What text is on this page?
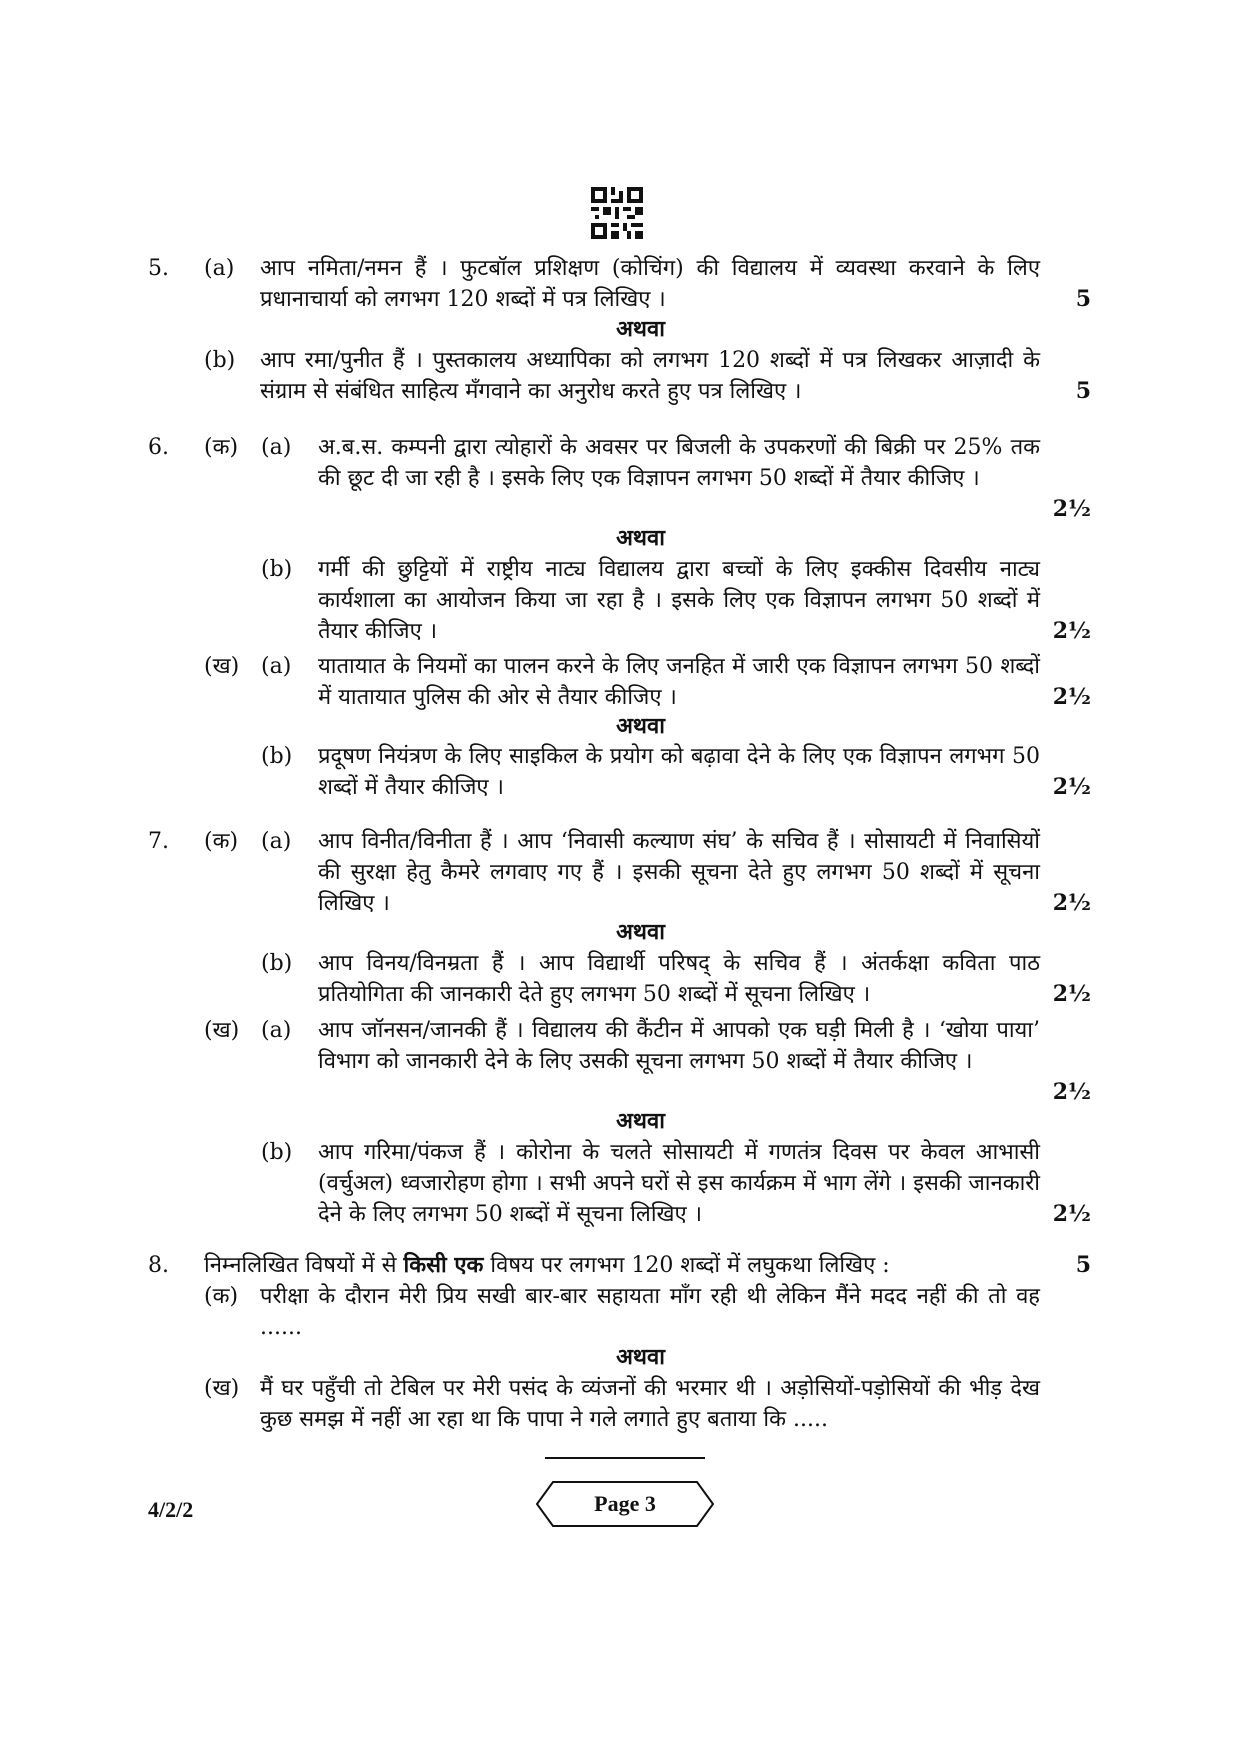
5. (a) आप नमिता/नमन हैं । फुटबॉल प्रशिक्षण (कोचिंग) की विद्यालय में व्यवस्था करवाने के लिए प्रधानाचार्या को लगभग 120 शब्दों में पत्र लिखिए ।	5
अथवा
(b) आप रमा/पुनीत हैं । पुस्तकालय अध्यापिका को लगभग 120 शब्दों में पत्र लिखकर आज़ादी के संग्राम से संबंधित साहित्य मँगवाने का अनुरोध करते हुए पत्र लिखिए ।	5
6. (क) (a) अ.ब.स. कम्पनी द्वारा त्योहारों के अवसर पर बिजली के उपकरणों की बिक्री पर 25% तक की छूट दी जा रही है । इसके लिए एक विज्ञापन लगभग 50 शब्दों में तैयार कीजिए ।
2½
अथवा
(b) गर्मी की छुट्टियों में राष्ट्रीय नाट्य विद्यालय द्वारा बच्चों के लिए इक्कीस दिवसीय नाट्य कार्यशाला का आयोजन किया जा रहा है । इसके लिए एक विज्ञापन लगभग 50 शब्दों में तैयार कीजिए ।	2½
(ख) (a) यातायात के नियमों का पालन करने के लिए जनहित में जारी एक विज्ञापन लगभग 50 शब्दों में यातायात पुलिस की ओर से तैयार कीजिए ।	2½
अथवा
(b) प्रदूषण नियंत्रण के लिए साइकिल के प्रयोग को बढ़ावा देने के लिए एक विज्ञापन लगभग 50 शब्दों में तैयार कीजिए ।	2½
7. (क) (a) आप विनीत/विनीता हैं । आप ‘निवासी कल्याण संघ’ के सचिव हैं । सोसायटी में निवासियों की सुरक्षा हेतु कैमरे लगवाए गए हैं । इसकी सूचना देते हुए लगभग 50 शब्दों में सूचना लिखिए ।	2½
अथवा
(b) आप विनय/विनम्रता हैं । आप विद्यार्थी परिषद् के सचिव हैं । अंतर्कक्षा कविता पाठ प्रतियोगिता की जानकारी देते हुए लगभग 50 शब्दों में सूचना लिखिए ।	2½
(ख) (a) आप जॉनसन/जानकी हैं । विद्यालय की कैंटीन में आपको एक घड़ी मिली है । ‘खोया पाया’ विभाग को जानकारी देने के लिए उसकी सूचना लगभग 50 शब्दों में तैयार कीजिए ।
2½
अथवा
(b) आप गरिमा/पंकज हैं । कोरोना के चलते सोसायटी में गणतंत्र दिवस पर केवल आभासी (वर्चुअल) ध्वजारोहण होगा । सभी अपने घरों से इस कार्यक्रम में भाग लेंगे । इसकी जानकारी देने के लिए लगभग 50 शब्दों में सूचना लिखिए ।	2½
8. निम्नलिखित विषयों में से किसी एक विषय पर लगभग 120 शब्दों में लघुकथा लिखिए :	5
(क) परीक्षा के दौरान मेरी प्रिय सखी बार-बार सहायता माँग रही थी लेकिन मैंने मदद नहीं की तो वह ......
अथवा
(ख) मैं घर पहुँची तो टेबिल पर मेरी पसंद के व्यंजनों की भरमार थी । अड़ोसियों-पड़ोसियों की भीड़ देख कुछ समझ में नहीं आ रहा था कि पापा ने गले लगाते हुए बताया कि .....
4/2/2	Page 3
